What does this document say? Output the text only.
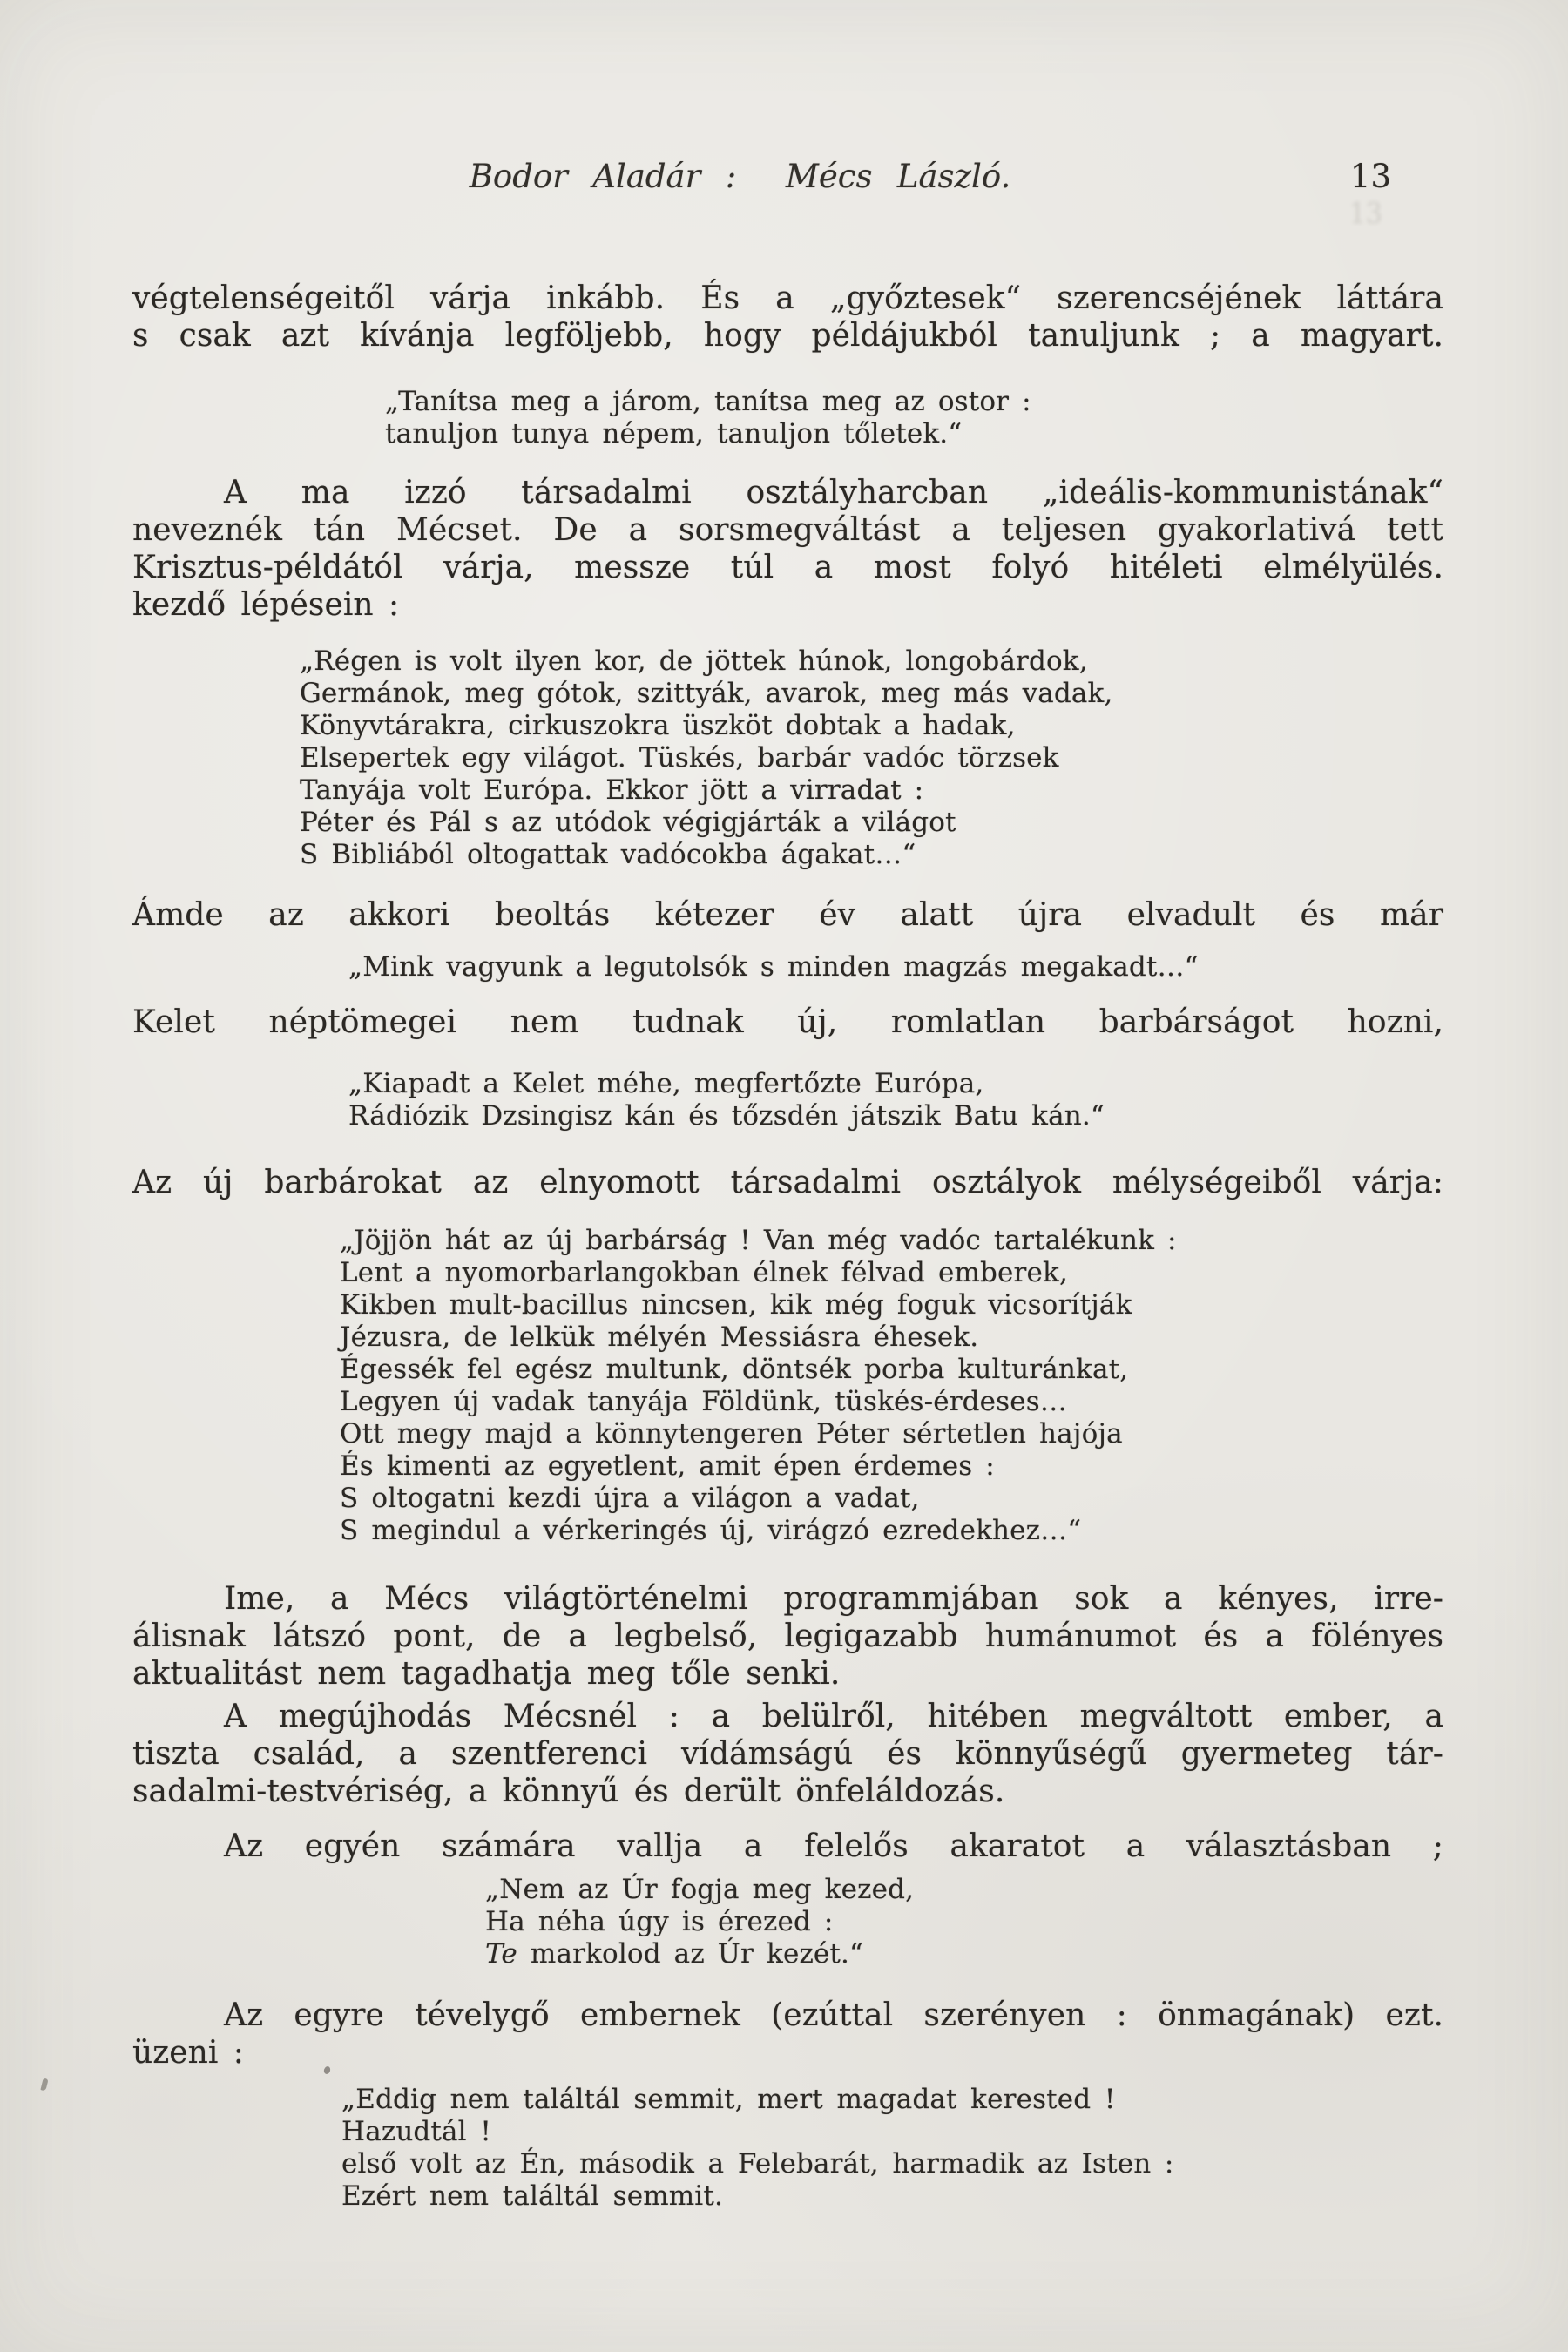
Bodor Aladár :  Mécs László.	13
13

végtelenségeitől várja inkább. És a „győztesek“ szerencséjének láttára
s csak azt kívánja legföljebb, hogy példájukból tanuljunk ; a magyart.

„Tanítsa meg a járom, tanítsa meg az ostor :
tanuljon tunya népem, tanuljon tőletek.“

A ma izzó társadalmi osztályharcban „ideális-kommunistának“
neveznék tán Mécset. De a sorsmegváltást a teljesen gyakorlativá tett
Krisztus-példától várja, messze túl a most folyó hitéleti elmélyülés.
kezdő lépésein :

„Régen is volt ilyen kor, de jöttek húnok, longobárdok,
Germánok, meg gótok, szittyák, avarok, meg más vadak,
Könyvtárakra, cirkuszokra üszköt dobtak a hadak,
Elsepertek egy világot. Tüskés, barbár vadóc törzsek
Tanyája volt Európa. Ekkor jött a virradat :
Péter és Pál s az utódok végigjárták a világot
S Bibliából oltogattak vadócokba ágakat…“

Ámde az akkori beoltás kétezer év alatt újra elvadult és már

„Mink vagyunk a legutolsók s minden magzás megakadt…“

Kelet néptömegei nem tudnak új, romlatlan barbárságot hozni,

„Kiapadt a Kelet méhe, megfertőzte Európa,
Rádiózik Dzsingisz kán és tőzsdén játszik Batu kán.“

Az új barbárokat az elnyomott társadalmi osztályok mélységeiből várja:

„Jöjjön hát az új barbárság ! Van még vadóc tartalékunk :
Lent a nyomorbarlangokban élnek félvad emberek,
Kikben mult-bacillus nincsen, kik még foguk vicsorítják
Jézusra, de lelkük mélyén Messiásra éhesek.
Égessék fel egész multunk, döntsék porba kulturánkat,
Legyen új vadak tanyája Földünk, tüskés-érdeses…
Ott megy majd a könnytengeren Péter sértetlen hajója
És kimenti az egyetlent, amit épen érdemes :
S oltogatni kezdi újra a világon a vadat,
S megindul a vérkeringés új, virágzó ezredekhez…“

Ime, a Mécs világtörténelmi programmjában sok a kényes, irre-
álisnak látszó pont, de a legbelső, legigazabb humánumot és a fölényes
aktualitást nem tagadhatja meg tőle senki.

A megújhodás Mécsnél : a belülről, hitében megváltott ember, a
tiszta család, a szentferenci vídámságú és könnyűségű gyermeteg tár-
sadalmi-testvériség, a könnyű és derült önfeláldozás.

Az egyén számára vallja a felelős akaratot a választásban ;

„Nem az Úr fogja meg kezed,
Ha néha úgy is érezed :
Te markolod az Úr kezét.“

Az egyre tévelygő embernek (ezúttal szerényen : önmagának) ezt.
üzeni :

„Eddig nem találtál semmit, mert magadat kerested !
Hazudtál !
első volt az Én, második a Felebarát, harmadik az Isten :
Ezért nem találtál semmit.
